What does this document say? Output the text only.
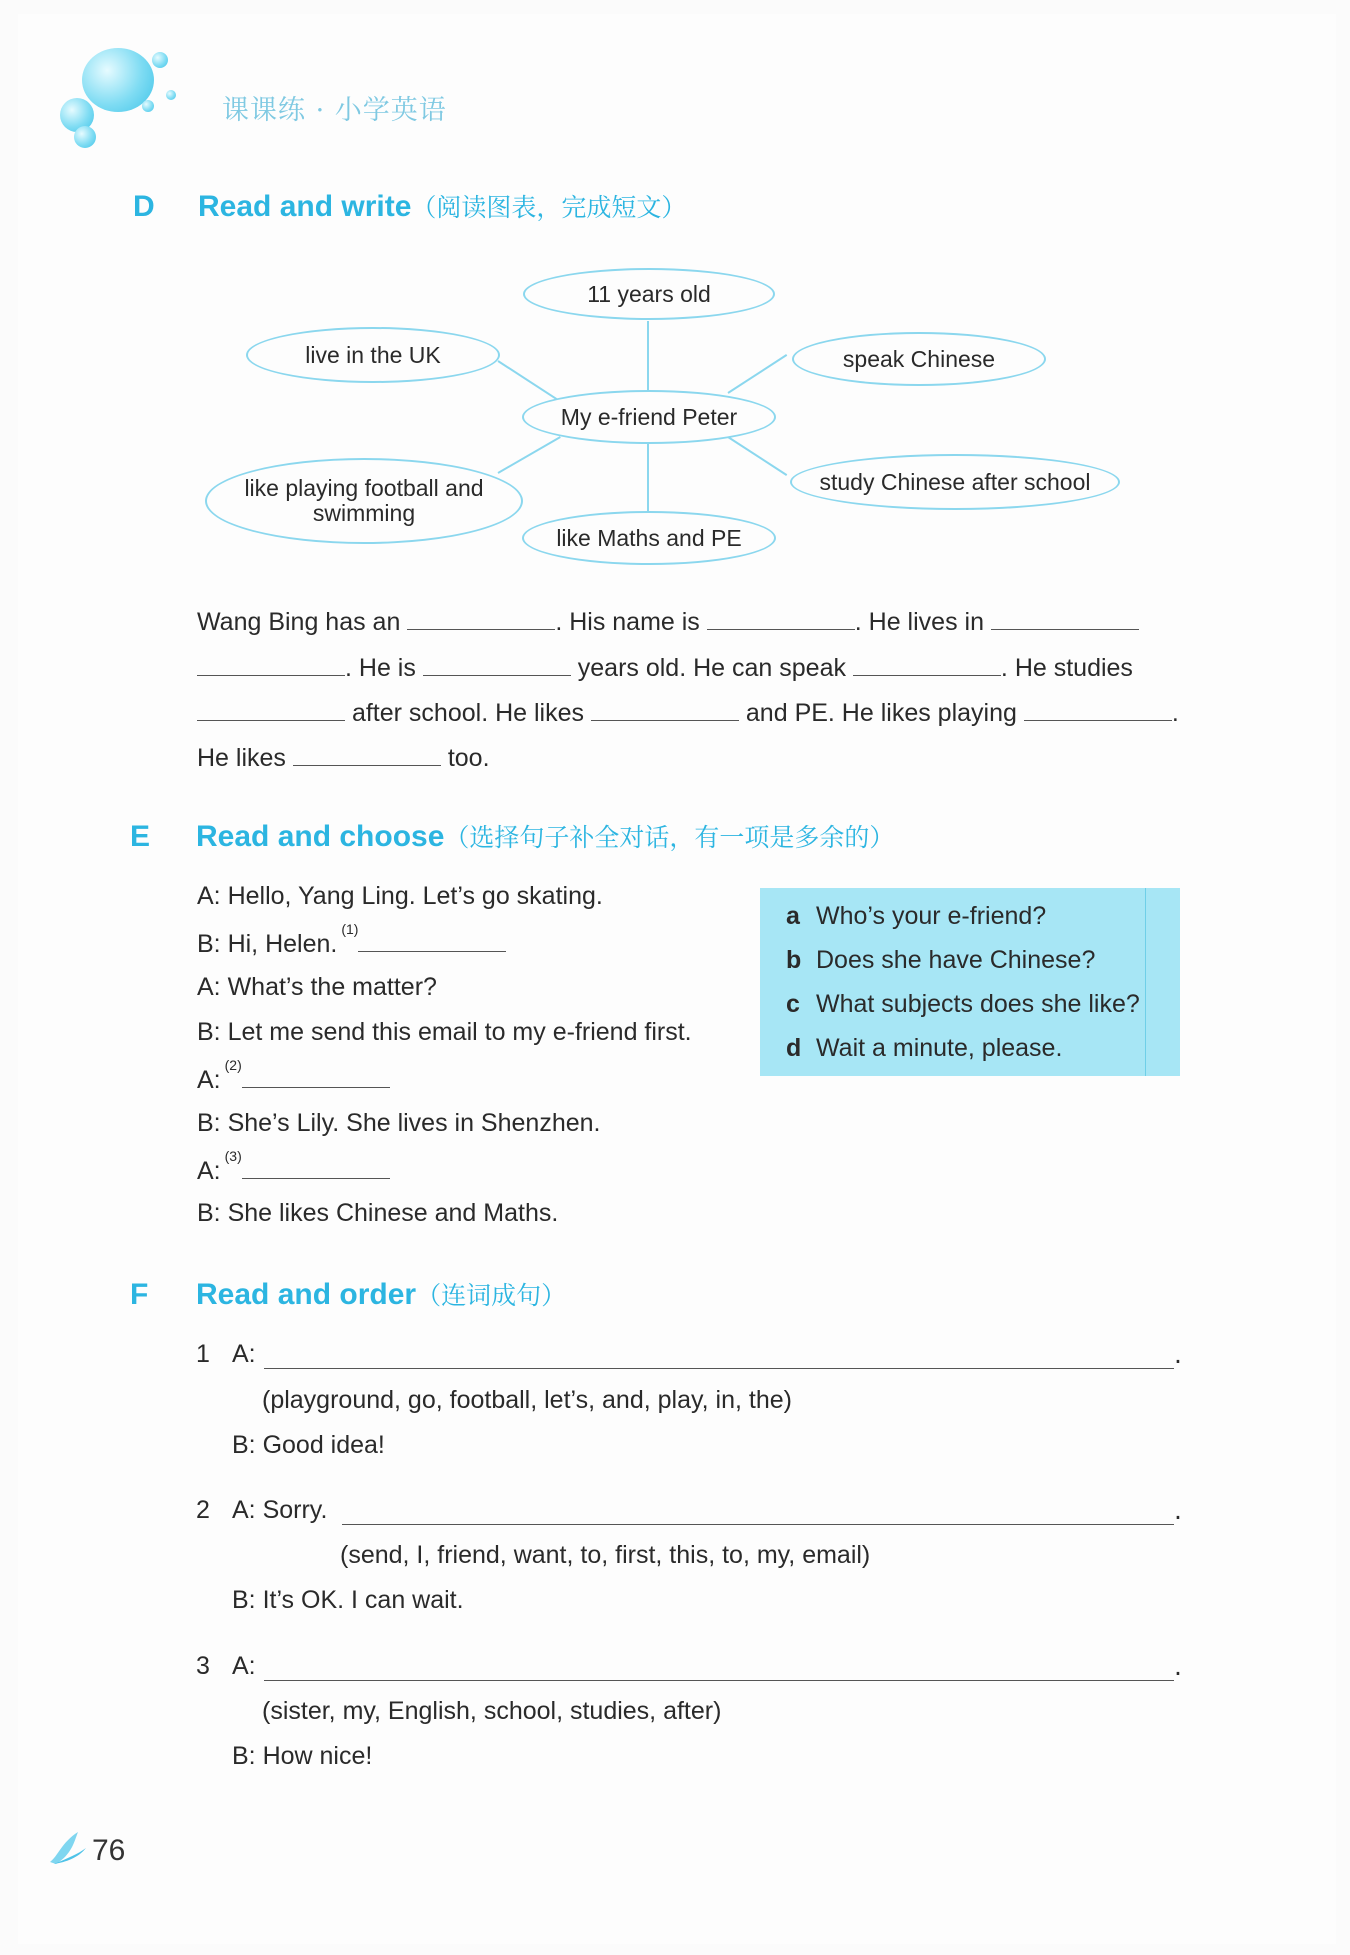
课课练 · 小学英语
D Read and write（阅读图表，完成短文）
11 years old
live in the UK	speak Chinese
My e-friend Peter
like playing football and swimming
study Chinese after school
like Maths and PE
Wang Bing has an	. His name is	. He lives in
. He is	years old. He can speak	. He studies
after school. He likes	and PE. He likes playing	.
He likes	too.
E Read and choose（选择句子补全对话，有一项是多余的）
A: Hello, Yang Ling. Let’s go skating.
B: Hi, Helen.$^{(1)}$
A: What’s the matter?
B: Let me send this email to my e-friend first.
A:$^{(2)}$
B: She’s Lily. She lives in Shenzhen.
A:$^{(3)}$
B: She likes Chinese and Maths.
a Who’s your e-friend?
b Does she have Chinese?
c What subjects does she like?
d Wait a minute, please.
F Read and order（连词成句）
1 A:	.
(playground, go, football, let’s, and, play, in, the)
B: Good idea!
2 A: Sorry.	.
(send, I, friend, want, to, first, this, to, my, email)
B: It’s OK. I can wait.
3 A:	.
(sister, my, English, school, studies, after)
B: How nice!
76
